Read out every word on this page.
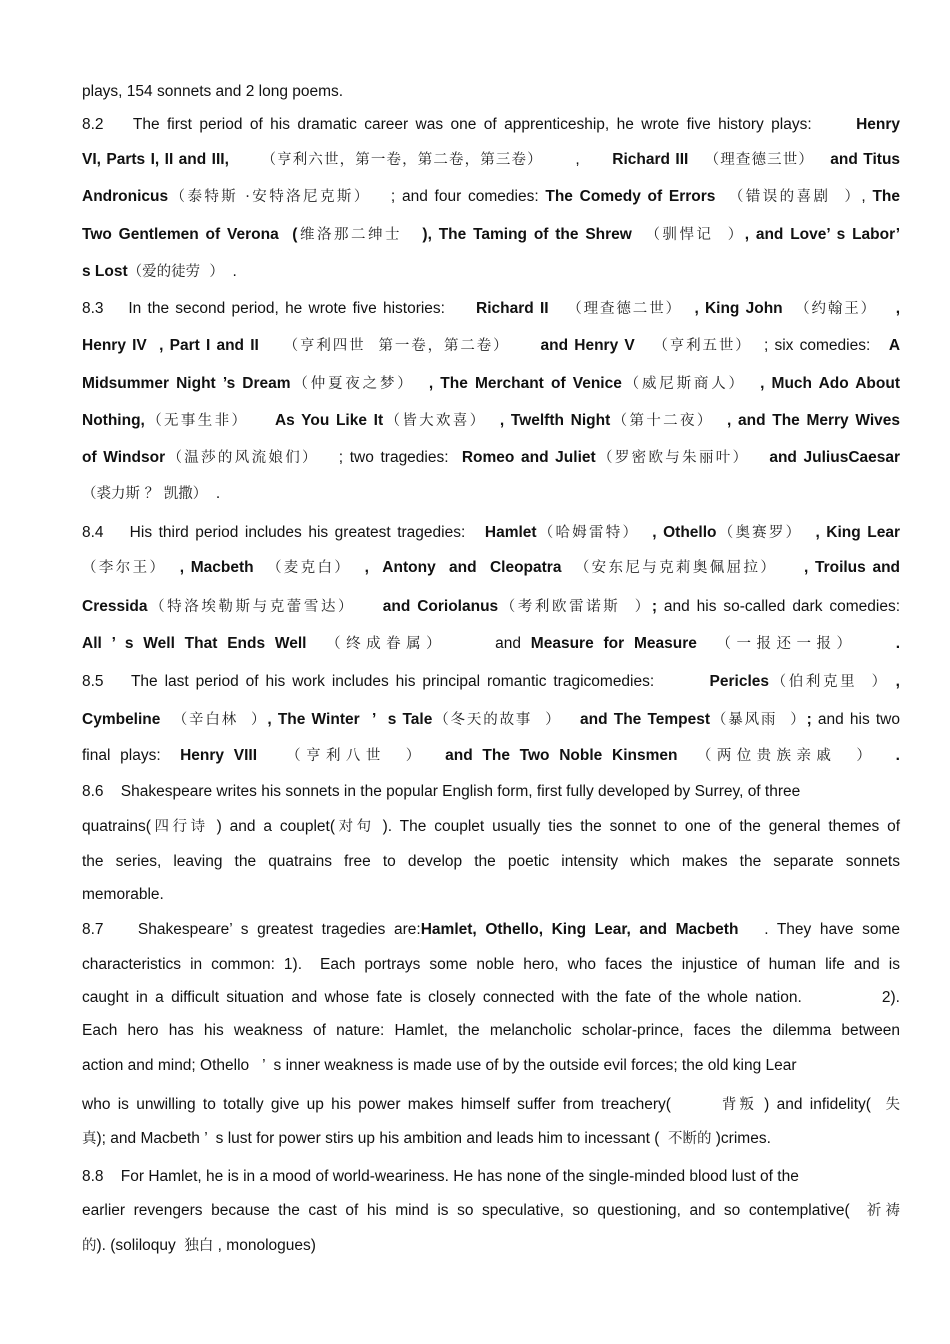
plays, 154 sonnets and 2 long poems.
8.2    The first period of his dramatic career was one of apprenticeship, he wrote five history plays:      Henry
VI, Parts I, II and III, （亨利六世，第一卷，第二卷，第三卷）      ,      Richard III （理查德三世） and Titus
Andronicus（泰特斯 ·安特洛尼克斯）   ; and four comedies: The Comedy of Errors （错误的喜剧  ）, The
Two Gentlemen of Verona  (维洛那二绅士   ), The Taming of the Shrew （驯悍记  ）, and Love’ s Labor’
s Lost（爱的徒劳  ）  .
8.3    In the second period, he wrote five histories:     Richard II （理查德二世）  , King John （约翰王）   ,
Henry IV  , Part I and II （亨利四世  第一卷，第二卷） and Henry V （亨利五世）  ; six comedies:   A
Midsummer Night ’s Dream（仲夏夜之梦）  , The Merchant of Venice（威尼斯商人）  , Much Ado About
Nothing,（无事生非） As You Like It（皆大欢喜）  , Twelfth Night（第十二夜）  , and The Merry Wives
of Windsor（温莎的风流娘们）   ; two tragedies:  Romeo and Juliet（罗密欧与朱丽叶） and JuliusCaesar
（裘力斯 ？ 凯撒）  .
8.4    His third period includes his greatest tragedies:   Hamlet（哈姆雷特）  , Othello（奥赛罗）  , King Lear
（李尔王）  , Macbeth （麦克白）  ,  Antony  and  Cleopatra （安东尼与克莉奥佩屈拉）    , Troilus and
Cressida（特洛埃勒斯与克蕾雪达） and Coriolanus（考利欧雷诺斯  ）; and his so-called dark comedies:
All ’ s Well That Ends Well （终成眷属）     and Measure for Measure （一报还一报）    .
8.5    The last period of his work includes his principal romantic tragicomedies:        Pericles（伯利克里  ） ,
Cymbeline （辛白林  ）, The Winter  ’  s Tale（冬天的故事  ） and The Tempest（暴风雨  ）; and his two
final plays:  Henry VIII （亨利八世  ） and The Two Noble Kinsmen （两位贵族亲戚  ）  .
8.6    Shakespeare writes his sonnets in the popular English form, first fully developed by Surrey, of three
quatrains(四行诗 ) and a couplet(对句 ). The couplet usually ties the sonnet to one of the general themes of
the series, leaving the quatrains free to develop the poetic intensity which makes the separate sonnets
memorable.
8.7    Shakespeare’ s greatest tragedies are:Hamlet, Othello, King Lear, and Macbeth   . They have some
characteristics in common: 1).  Each portrays some noble hero, who faces the injustice of human life and is
caught in a difficult situation and whose fate is closely connected with the fate of the whole nation.           2).
Each hero has his weakness of nature: Hamlet, the melancholic scholar-prince, faces the dilemma between
action and mind; Othello   ’  s inner weakness is made use of by the outside evil forces; the old king Lear
who is unwilling to totally give up his power makes himself suffer from treachery(       背叛 ) and infidelity(  失
真); and Macbeth ’  s lust for power stirs up his ambition and leads him to incessant (  不断的 )crimes.
8.8    For Hamlet, he is in a mood of world-weariness. He has none of the single-minded blood lust of the
earlier revengers because the cast of his mind is so speculative, so questioning, and so contemplative(  祈祷
的). (soliloquy  独白 , monologues)
